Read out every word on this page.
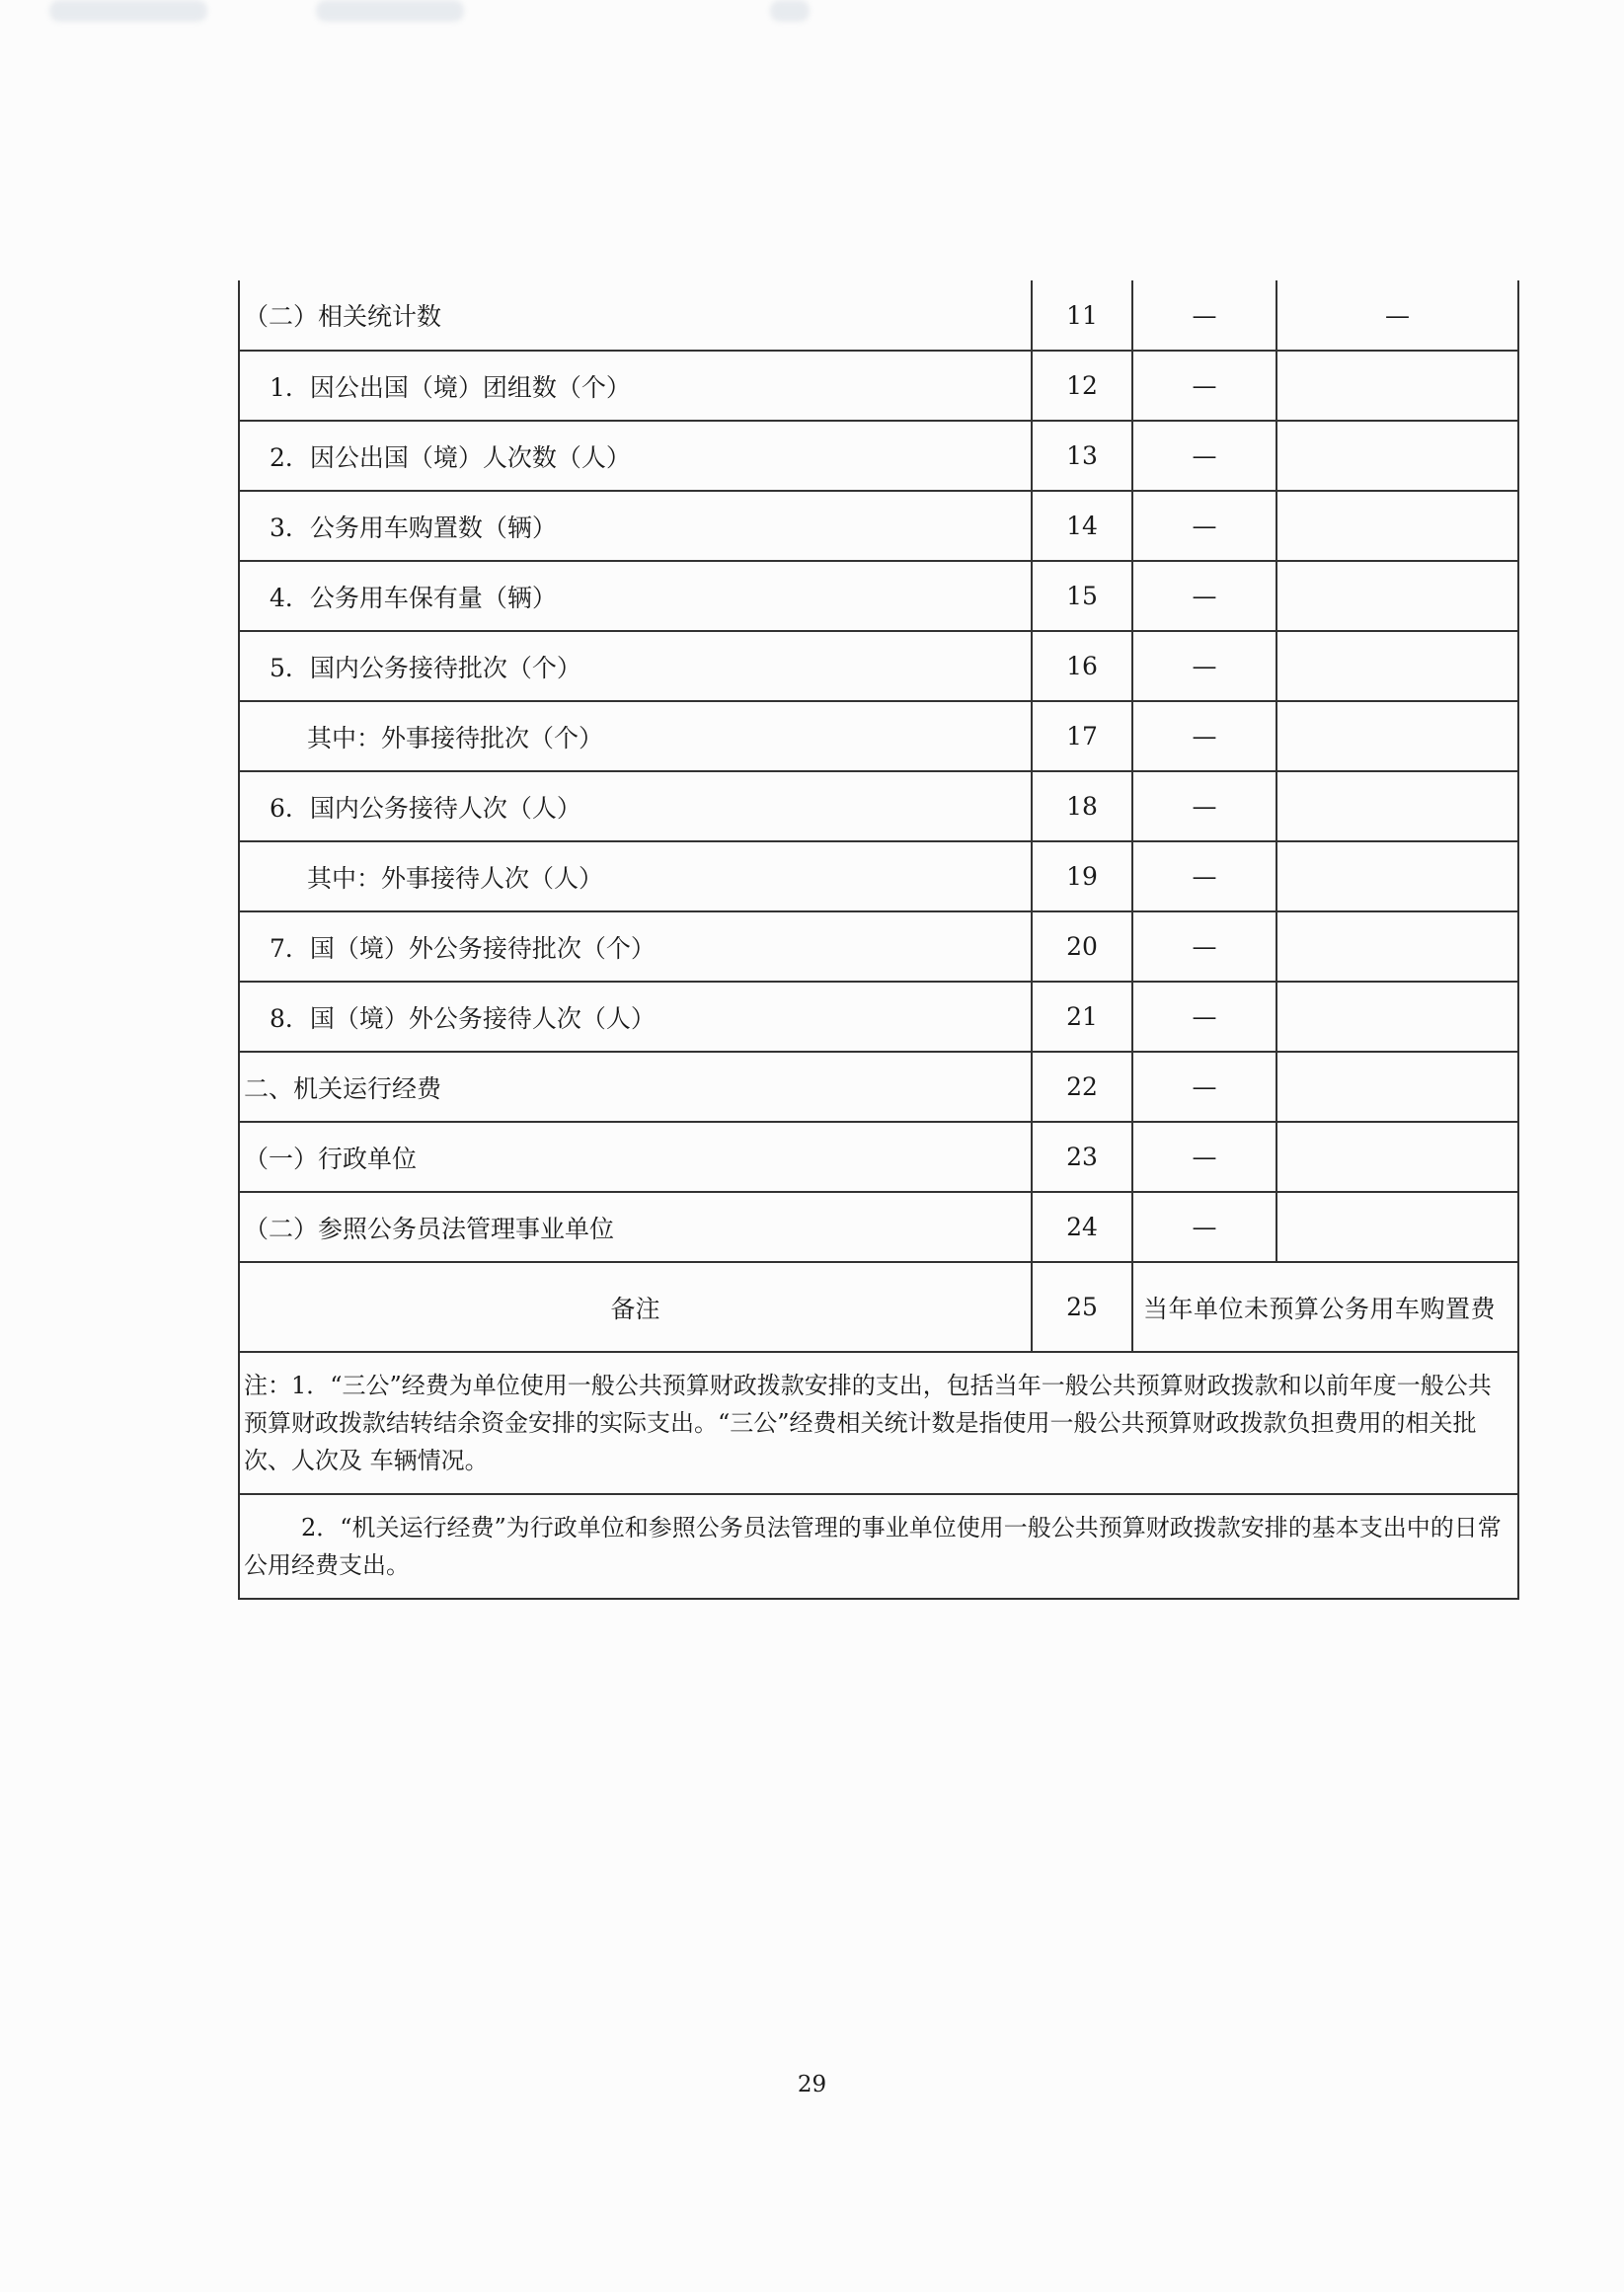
（二）相关统计数	11	—	—
1．因公出国（境）团组数（个）	12	—	
2．因公出国（境）人次数（人）	13	—	
3．公务用车购置数（辆）	14	—	
4．公务用车保有量（辆）	15	—	
5．国内公务接待批次（个）	16	—	
其中：外事接待批次（个）	17	—	
6．国内公务接待人次（人）	18	—	
其中：外事接待人次（人）	19	—	
7．国（境）外公务接待批次（个）	20	—	
8．国（境）外公务接待人次（人）	21	—	
二、机关运行经费	22	—	
（一）行政单位	23	—	
（二）参照公务员法管理事业单位	24	—	
备注	25	当年单位未预算公务用车购置费	
注：1．“三公”经费为单位使用一般公共预算财政拨款安排的支出，包括当年一般公共预算财政拨款和以前年度一般公共预算财政拨款结转结余资金安排的实际支出。“三公”经费相关统计数是指使用一般公共预算财政拨款负担费用的相关批次、人次及 车辆情况。			
2．“机关运行经费”为行政单位和参照公务员法管理的事业单位使用一般公共预算财政拨款安排的基本支出中的日常公用经费支出。			
29
